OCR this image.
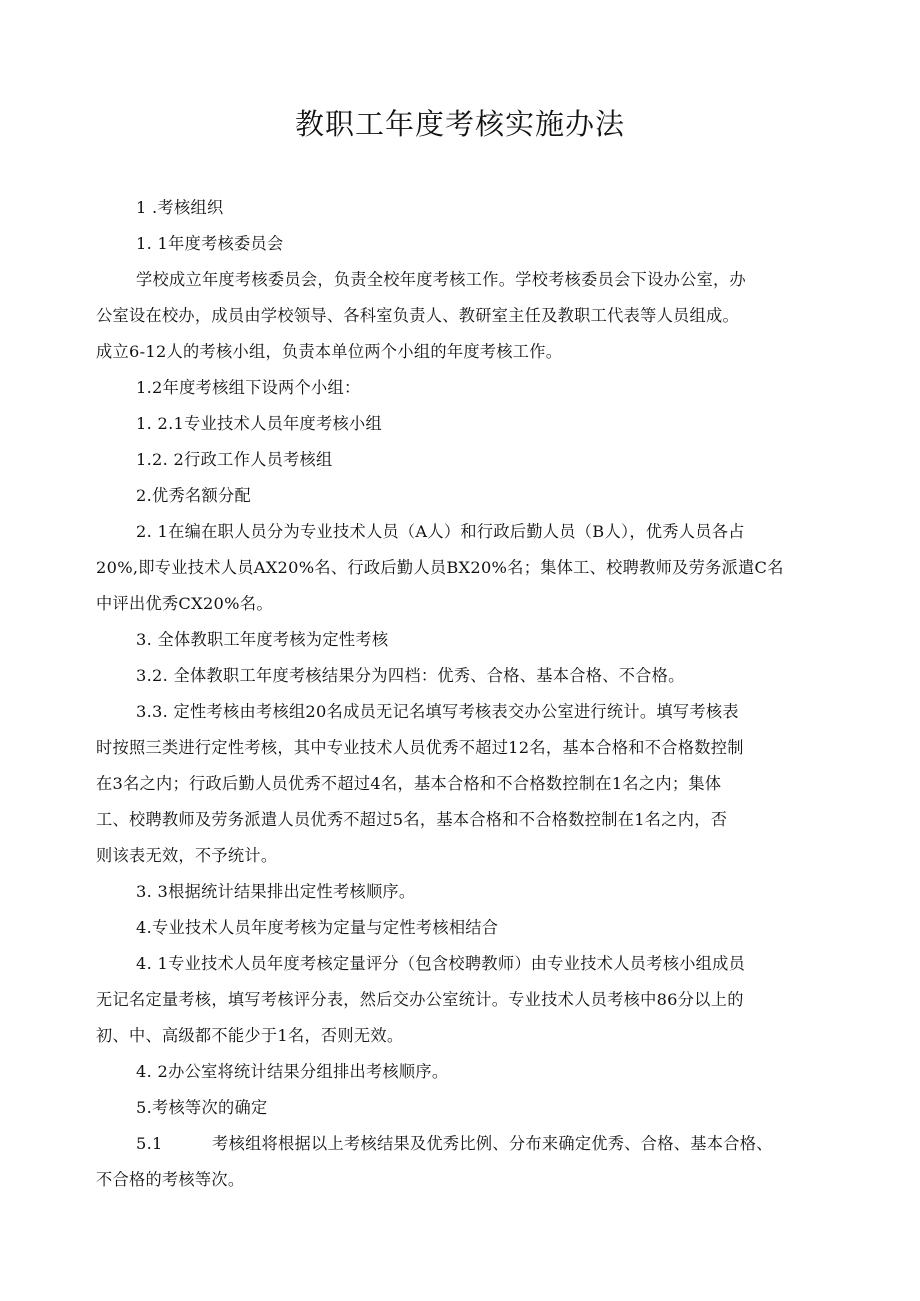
教职工年度考核实施办法
1 .考核组织
1. 1年度考核委员会
学校成立年度考核委员会，负责全校年度考核工作。学校考核委员会下设办公室，办
公室设在校办，成员由学校领导、各科室负责人、教研室主任及教职工代表等人员组成。
成立6-12人的考核小组，负责本单位两个小组的年度考核工作。
1.2年度考核组下设两个小组：
1. 2.1专业技术人员年度考核小组
1.2. 2行政工作人员考核组
2.优秀名额分配
2. 1在编在职人员分为专业技术人员（A人）和行政后勤人员（B人），优秀人员各占
20%,即专业技术人员AX20%名、行政后勤人员BX20%名；集体工、校聘教师及劳务派遣C名
中评出优秀CX20%名。
3. 全体教职工年度考核为定性考核
3.2. 全体教职工年度考核结果分为四档：优秀、合格、基本合格、不合格。
3.3. 定性考核由考核组20名成员无记名填写考核表交办公室进行统计。填写考核表
时按照三类进行定性考核，其中专业技术人员优秀不超过12名，基本合格和不合格数控制
在3名之内；行政后勤人员优秀不超过4名，基本合格和不合格数控制在1名之内；集体
工、校聘教师及劳务派遣人员优秀不超过5名，基本合格和不合格数控制在1名之内，否
则该表无效，不予统计。
3. 3根据统计结果排出定性考核顺序。
4.专业技术人员年度考核为定量与定性考核相结合
4. 1专业技术人员年度考核定量评分（包含校聘教师）由专业技术人员考核小组成员
无记名定量考核，填写考核评分表，然后交办公室统计。专业技术人员考核中86分以上的
初、中、高级都不能少于1名，否则无效。
4. 2办公室将统计结果分组排出考核顺序。
5.考核等次的确定
5.1　　　考核组将根据以上考核结果及优秀比例、分布来确定优秀、合格、基本合格、
不合格的考核等次。
